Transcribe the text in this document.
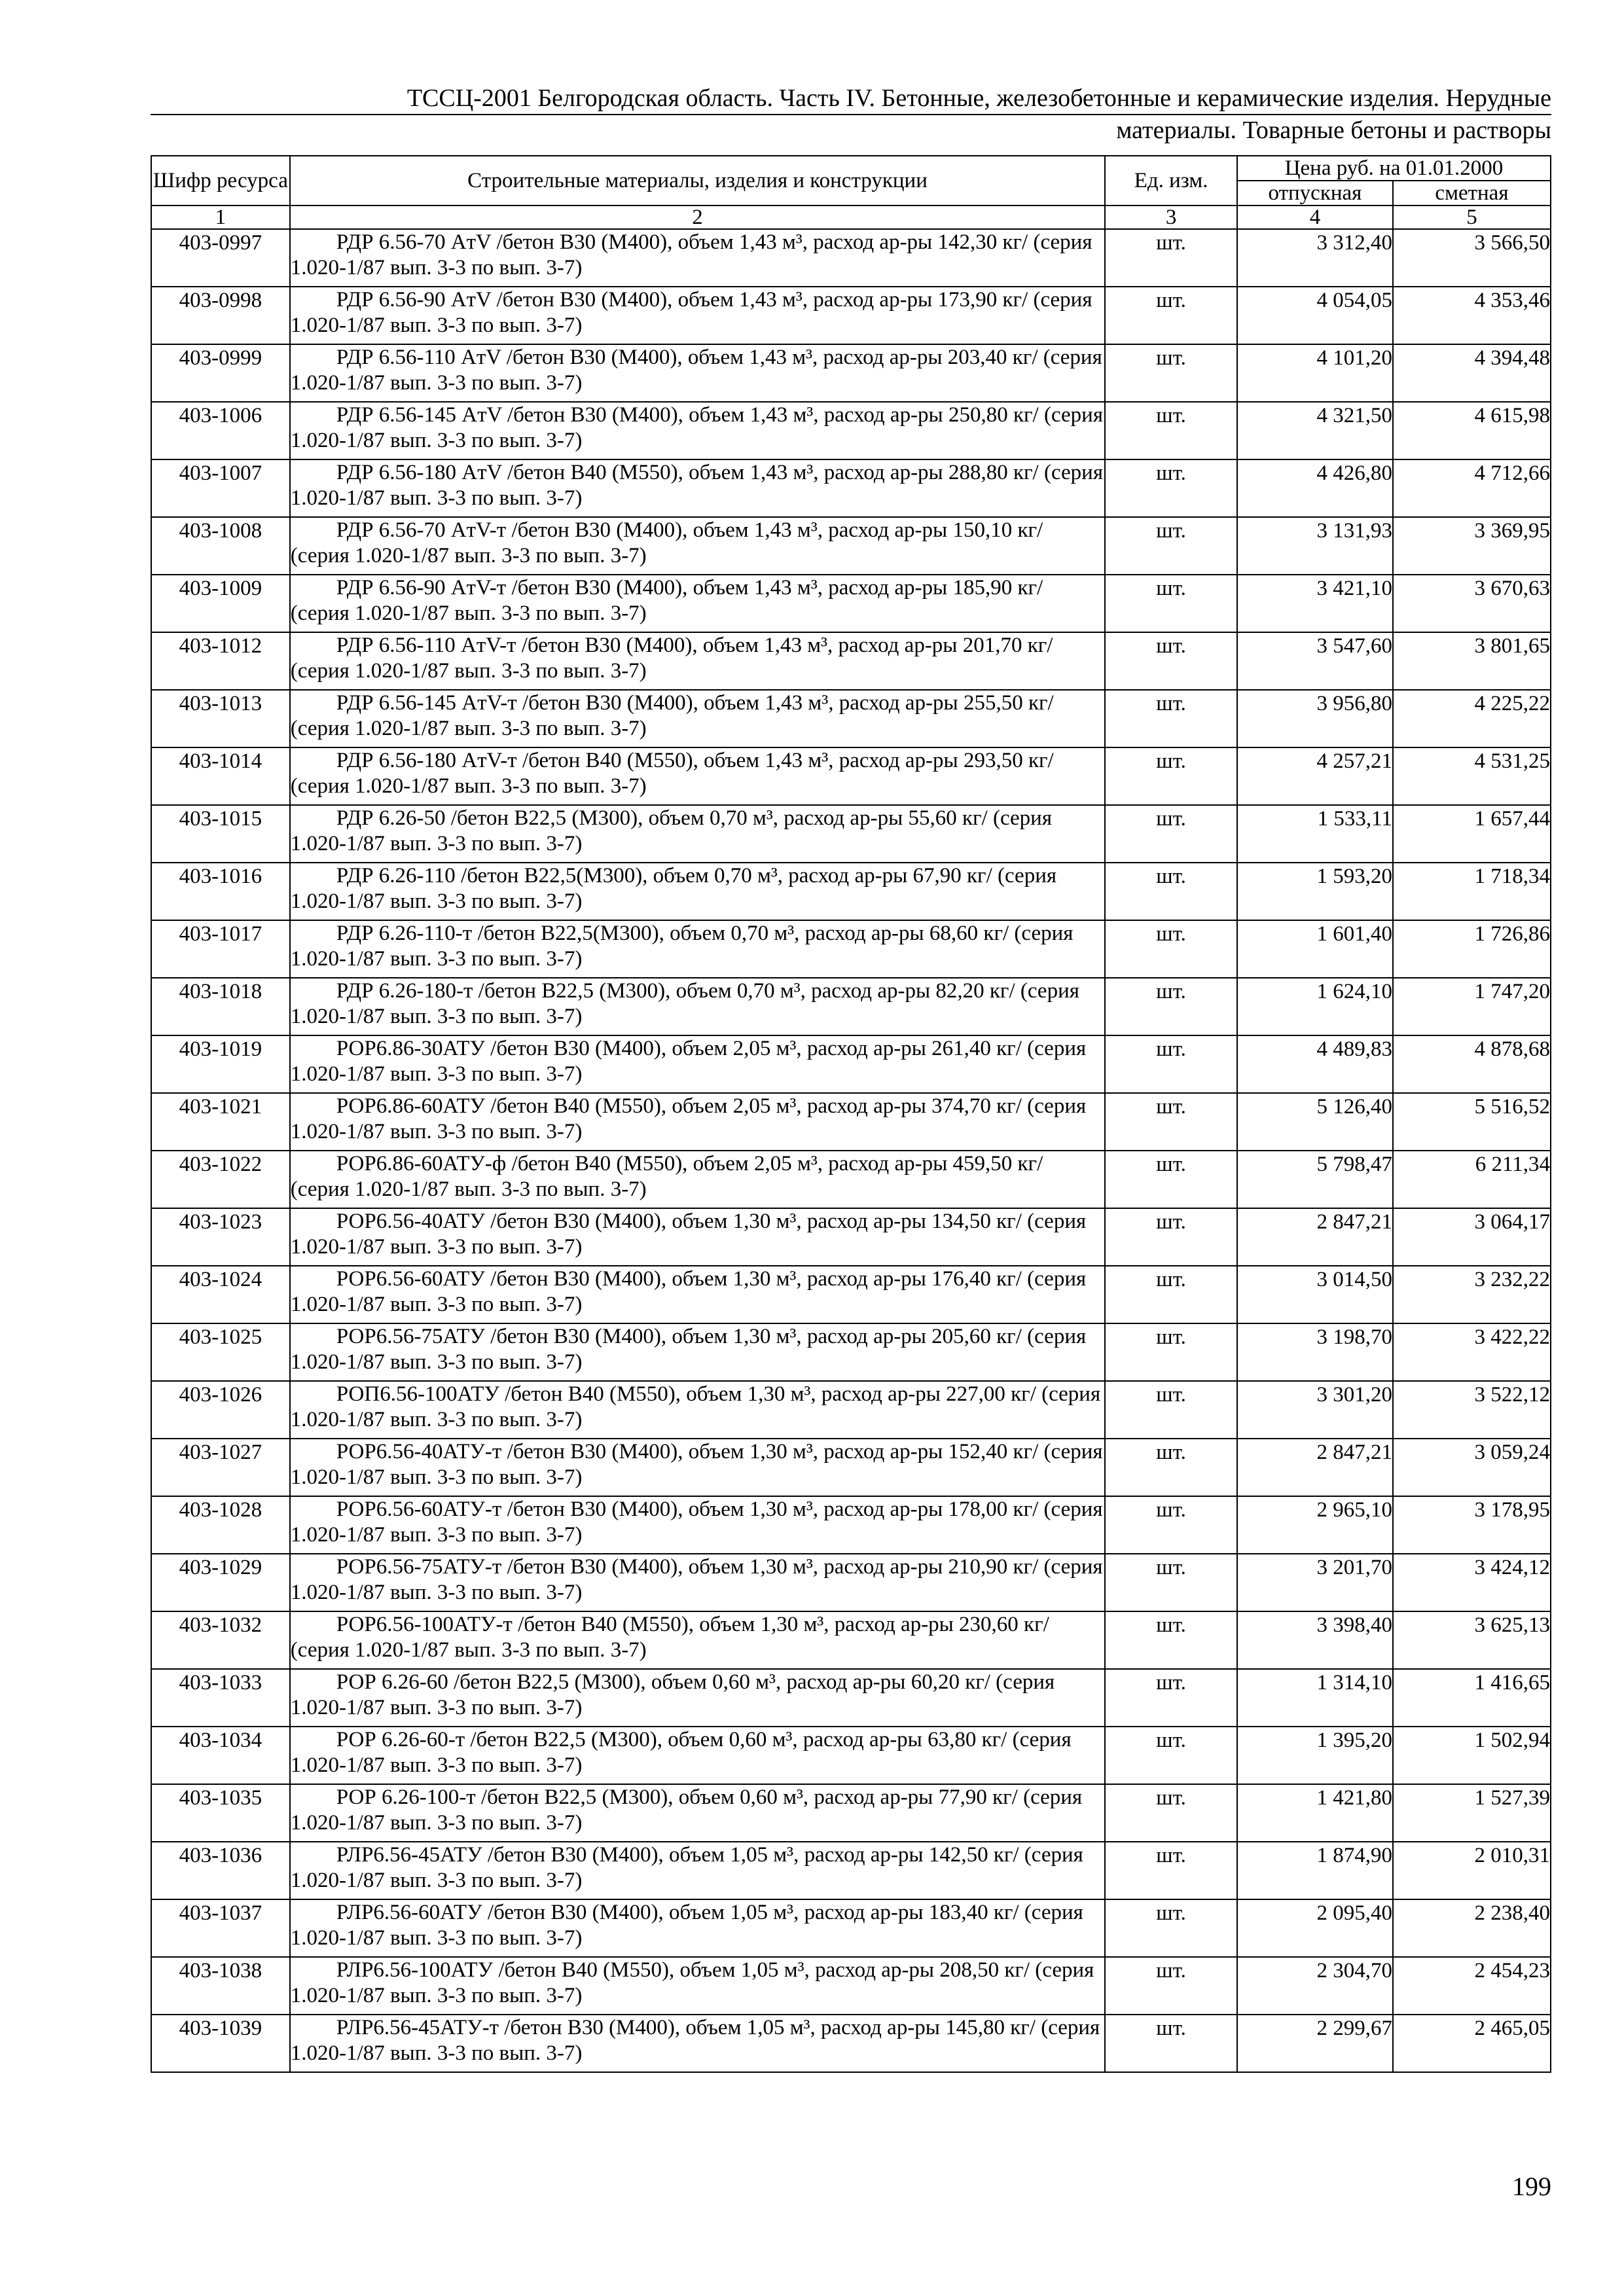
ТССЦ-2001 Белгородская область. Часть IV. Бетонные, железобетонные и керамические изделия. Нерудные
материалы. Товарные бетоны и растворы
Шифр ресурса	Строительные материалы, изделия и конструкции	Ед. изм.	Цена руб. на 01.01.2000	
			отпускная	сметная
1	2	3	4	5
403-0997	РДР 6.56-70 AтV /бетон В30 (М400), объем 1,43 м³, расход ар-ры 142,30 кг/ (серия 1.020-1/87 вып. 3-3 по вып. 3-7)	шт.	3 312,40	3 566,50
403-0998	РДР 6.56-90 AтV /бетон В30 (М400), объем 1,43 м³, расход ар-ры 173,90 кг/ (серия 1.020-1/87 вып. 3-3 по вып. 3-7)	шт.	4 054,05	4 353,46
403-0999	РДР 6.56-110 AтV /бетон В30 (М400), объем 1,43 м³, расход ар-ры 203,40 кг/ (серия 1.020-1/87 вып. 3-3 по вып. 3-7)	шт.	4 101,20	4 394,48
403-1006	РДР 6.56-145 AтV /бетон В30 (М400), объем 1,43 м³, расход ар-ры 250,80 кг/ (серия 1.020-1/87 вып. 3-3 по вып. 3-7)	шт.	4 321,50	4 615,98
403-1007	РДР 6.56-180 AтV /бетон В40 (М550), объем 1,43 м³, расход ар-ры 288,80 кг/ (серия 1.020-1/87 вып. 3-3 по вып. 3-7)	шт.	4 426,80	4 712,66
403-1008	РДР 6.56-70 AтV-т /бетон В30 (М400), объем 1,43 м³, расход ар-ры 150,10 кг/ (серия 1.020-1/87 вып. 3-3 по вып. 3-7)	шт.	3 131,93	3 369,95
403-1009	РДР 6.56-90 AтV-т /бетон В30 (М400), объем 1,43 м³, расход ар-ры 185,90 кг/ (серия 1.020-1/87 вып. 3-3 по вып. 3-7)	шт.	3 421,10	3 670,63
403-1012	РДР 6.56-110 AтV-т /бетон В30 (М400), объем 1,43 м³, расход ар-ры 201,70 кг/ (серия 1.020-1/87 вып. 3-3 по вып. 3-7)	шт.	3 547,60	3 801,65
403-1013	РДР 6.56-145 AтV-т /бетон В30 (М400), объем 1,43 м³, расход ар-ры 255,50 кг/ (серия 1.020-1/87 вып. 3-3 по вып. 3-7)	шт.	3 956,80	4 225,22
403-1014	РДР 6.56-180 AтV-т /бетон В40 (М550), объем 1,43 м³, расход ар-ры 293,50 кг/ (серия 1.020-1/87 вып. 3-3 по вып. 3-7)	шт.	4 257,21	4 531,25
403-1015	РДР 6.26-50 /бетон В22,5 (М300), объем 0,70 м³, расход ар-ры 55,60 кг/ (серия 1.020-1/87 вып. 3-3 по вып. 3-7)	шт.	1 533,11	1 657,44
403-1016	РДР 6.26-110 /бетон В22,5(М300), объем 0,70 м³, расход ар-ры 67,90 кг/ (серия 1.020-1/87 вып. 3-3 по вып. 3-7)	шт.	1 593,20	1 718,34
403-1017	РДР 6.26-110-т /бетон В22,5(М300), объем 0,70 м³, расход ар-ры 68,60 кг/ (серия 1.020-1/87 вып. 3-3 по вып. 3-7)	шт.	1 601,40	1 726,86
403-1018	РДР 6.26-180-т /бетон В22,5 (М300), объем 0,70 м³, расход ар-ры 82,20 кг/ (серия 1.020-1/87 вып. 3-3 по вып. 3-7)	шт.	1 624,10	1 747,20
403-1019	РОР6.86-30АТУ /бетон В30 (М400), объем 2,05 м³, расход ар-ры 261,40 кг/ (серия 1.020-1/87 вып. 3-3 по вып. 3-7)	шт.	4 489,83	4 878,68
403-1021	РОР6.86-60АТУ /бетон В40 (М550), объем 2,05 м³, расход ар-ры 374,70 кг/ (серия 1.020-1/87 вып. 3-3 по вып. 3-7)	шт.	5 126,40	5 516,52
403-1022	РОР6.86-60АТУ-ф /бетон В40 (М550), объем 2,05 м³, расход ар-ры 459,50 кг/ (серия 1.020-1/87 вып. 3-3 по вып. 3-7)	шт.	5 798,47	6 211,34
403-1023	РОР6.56-40АТУ /бетон В30 (М400), объем 1,30 м³, расход ар-ры 134,50 кг/ (серия 1.020-1/87 вып. 3-3 по вып. 3-7)	шт.	2 847,21	3 064,17
403-1024	РОР6.56-60АТУ /бетон В30 (М400), объем 1,30 м³, расход ар-ры 176,40 кг/ (серия 1.020-1/87 вып. 3-3 по вып. 3-7)	шт.	3 014,50	3 232,22
403-1025	РОР6.56-75АТУ /бетон В30 (М400), объем 1,30 м³, расход ар-ры 205,60 кг/ (серия 1.020-1/87 вып. 3-3 по вып. 3-7)	шт.	3 198,70	3 422,22
403-1026	РОП6.56-100АТУ /бетон В40 (М550), объем 1,30 м³, расход ар-ры 227,00 кг/ (серия 1.020-1/87 вып. 3-3 по вып. 3-7)	шт.	3 301,20	3 522,12
403-1027	РОР6.56-40АТУ-т /бетон В30 (М400), объем 1,30 м³, расход ар-ры 152,40 кг/ (серия 1.020-1/87 вып. 3-3 по вып. 3-7)	шт.	2 847,21	3 059,24
403-1028	РОР6.56-60АТУ-т /бетон В30 (М400), объем 1,30 м³, расход ар-ры 178,00 кг/ (серия 1.020-1/87 вып. 3-3 по вып. 3-7)	шт.	2 965,10	3 178,95
403-1029	РОР6.56-75АТУ-т /бетон В30 (М400), объем 1,30 м³, расход ар-ры 210,90 кг/ (серия 1.020-1/87 вып. 3-3 по вып. 3-7)	шт.	3 201,70	3 424,12
403-1032	РОР6.56-100АТУ-т /бетон В40 (М550), объем 1,30 м³, расход ар-ры 230,60 кг/ (серия 1.020-1/87 вып. 3-3 по вып. 3-7)	шт.	3 398,40	3 625,13
403-1033	РОР 6.26-60 /бетон В22,5 (М300), объем 0,60 м³, расход ар-ры 60,20 кг/ (серия 1.020-1/87 вып. 3-3 по вып. 3-7)	шт.	1 314,10	1 416,65
403-1034	РОР 6.26-60-т /бетон В22,5 (М300), объем 0,60 м³, расход ар-ры 63,80 кг/ (серия 1.020-1/87 вып. 3-3 по вып. 3-7)	шт.	1 395,20	1 502,94
403-1035	РОР 6.26-100-т /бетон В22,5 (М300), объем 0,60 м³, расход ар-ры 77,90 кг/ (серия 1.020-1/87 вып. 3-3 по вып. 3-7)	шт.	1 421,80	1 527,39
403-1036	РЛР6.56-45АТУ /бетон В30 (М400), объем 1,05 м³, расход ар-ры 142,50 кг/ (серия 1.020-1/87 вып. 3-3 по вып. 3-7)	шт.	1 874,90	2 010,31
403-1037	РЛР6.56-60АТУ /бетон В30 (М400), объем 1,05 м³, расход ар-ры 183,40 кг/ (серия 1.020-1/87 вып. 3-3 по вып. 3-7)	шт.	2 095,40	2 238,40
403-1038	РЛР6.56-100АТУ /бетон В40 (М550), объем 1,05 м³, расход ар-ры 208,50 кг/ (серия 1.020-1/87 вып. 3-3 по вып. 3-7)	шт.	2 304,70	2 454,23
403-1039	РЛР6.56-45АТУ-т /бетон В30 (М400), объем 1,05 м³, расход ар-ры 145,80 кг/ (серия 1.020-1/87 вып. 3-3 по вып. 3-7)	шт.	2 299,67	2 465,05
199
